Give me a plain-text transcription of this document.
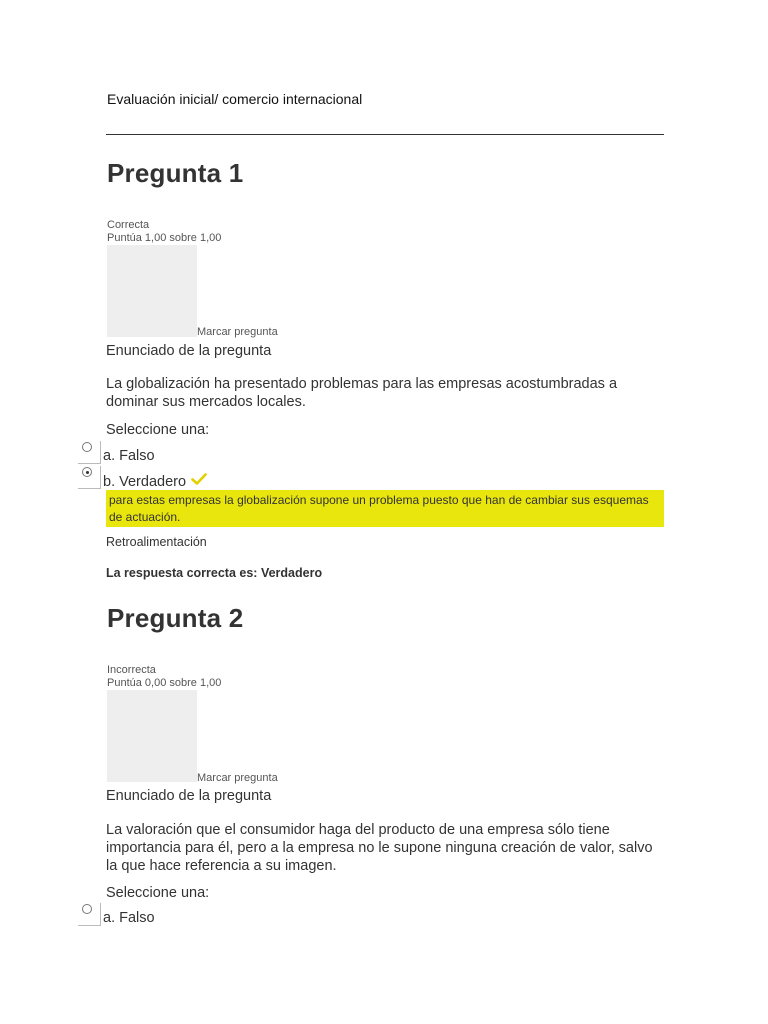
Evaluación inicial/ comercio internacional
Pregunta 1
Correcta
Puntúa 1,00 sobre 1,00
Marcar pregunta
Enunciado de la pregunta
La globalización ha presentado problemas para las empresas acostumbradas a dominar sus mercados locales.
Seleccione una:
a. Falso
b. Verdadero
para estas empresas la globalización supone un problema puesto que han de cambiar sus esquemas de actuación.
Retroalimentación
La respuesta correcta es: Verdadero
Pregunta 2
Incorrecta
Puntúa 0,00 sobre 1,00
Marcar pregunta
Enunciado de la pregunta
La valoración que el consumidor haga del producto de una empresa sólo tiene importancia para él, pero a la empresa no le supone ninguna creación de valor, salvo la que hace referencia a su imagen.
Seleccione una:
a. Falso
